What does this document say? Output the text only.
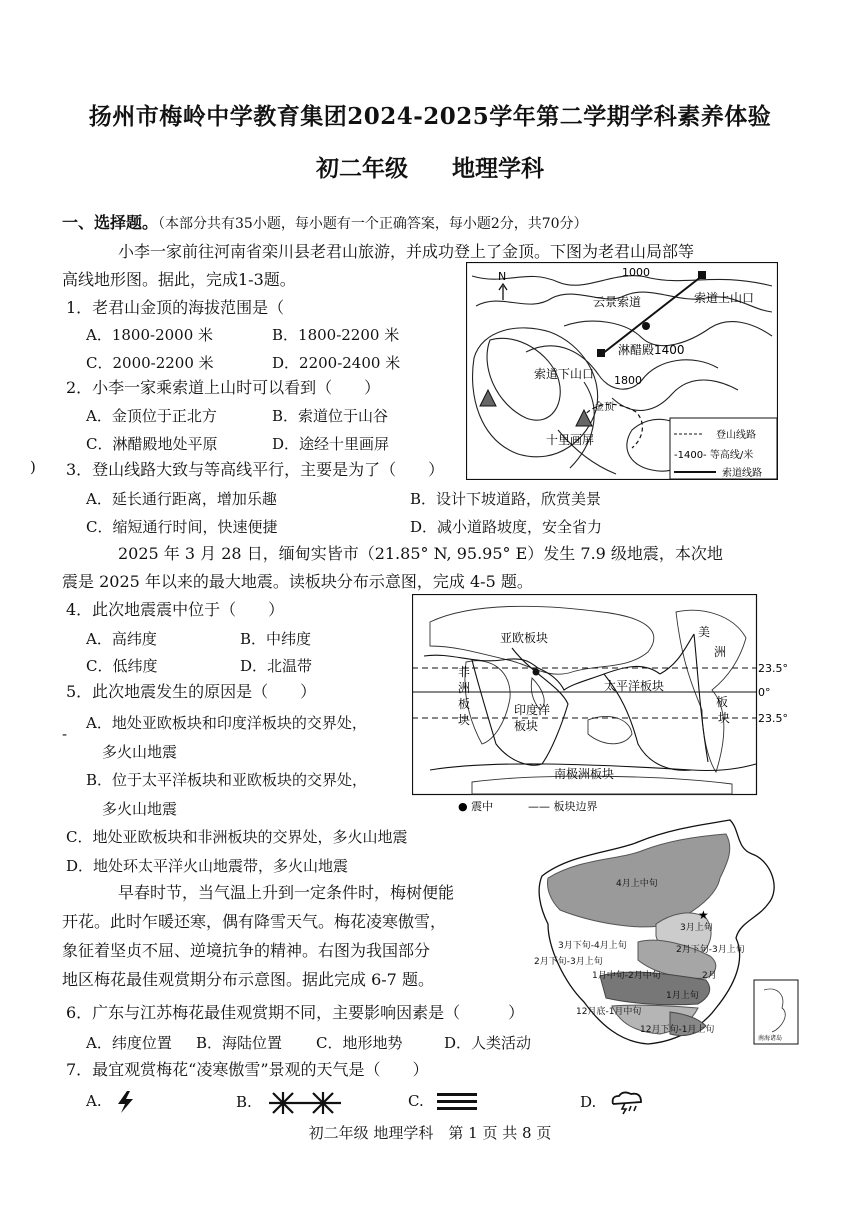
扬州市梅岭中学教育集团2024-2025学年第二学期学科素养体验
初二年级 地理学科
一、选择题。（本部分共有35小题，每小题有一个正确答案，每小题2分，共70分）
小李一家前往河南省栾川县老君山旅游，并成功登上了金顶。下图为老君山局部等
高线地形图。据此，完成1-3题。
1．老君山金顶的海拔范围是（
A．1800-2000 米	B．1800-2200 米
C．2000-2200 米	D．2200-2400 米
2．小李一家乘索道上山时可以看到（　　）
A．金顶位于正北方	B．索道位于山谷
C．淋醋殿地处平原	D．途经十里画屏
3．登山线路大致与等高线平行，主要是为了（　　）
A．延长通行距离，增加乐趣	B．设计下坡道路，欣赏美景
C．缩短通行时间，快速便捷	D．减小道路坡度，安全省力
2025 年 3 月 28 日，缅甸实皆市（21.85° N, 95.95° E）发生 7.9 级地震，本次地
震是 2025 年以来的最大地震。读板块分布示意图，完成 4-5 题。
4．此次地震震中位于（　　）
A．高纬度	B．中纬度
C．低纬度	D．北温带
5．此次地震发生的原因是（　　）
A．地处亚欧板块和印度洋板块的交界处，
多火山地震
B．位于太平洋板块和亚欧板块的交界处，
多火山地震
C．地处亚欧板块和非洲板块的交界处，多火山地震
D．地处环太平洋火山地震带，多火山地震
早春时节，当气温上升到一定条件时，梅树便能
开花。此时乍暖还寒，偶有降雪天气。梅花凌寒傲雪，
象征着坚贞不屈、逆境抗争的精神。右图为我国部分
地区梅花最佳观赏期分布示意图。据此完成 6-7 题。
6．广东与江苏梅花最佳观赏期不同，主要影响因素是（　　　）
A．纬度位置 B．海陆位置 C．地形地势	D．人类活动
7．最宜观赏梅花“凌寒傲雪”景观的天气是（　　）
A.	B.	C.	D.
)
-
N	1000
云景索道	索道上山口
淋醋殿1400
索道下山口 1800
金顶
十里画屏	登山线路
-1400- 等高线/米
索道线路
亚欧板块
非
洲
板
块
印度洋
板块
太平洋板块
美
洲
板
块
南极洲板块
23.5°
0°
23.5°
● 震中	—— 板块边界
★
4月上中旬
3月上旬
3月下旬-4月上旬
2月下旬-3月上旬
2月下旬-3月上旬
1月中旬-2月中旬	2月
12月底-1月中旬
1月上旬
12月下旬-1月上旬
南海诸岛
初二年级 地理学科　第 1 页 共 8 页
